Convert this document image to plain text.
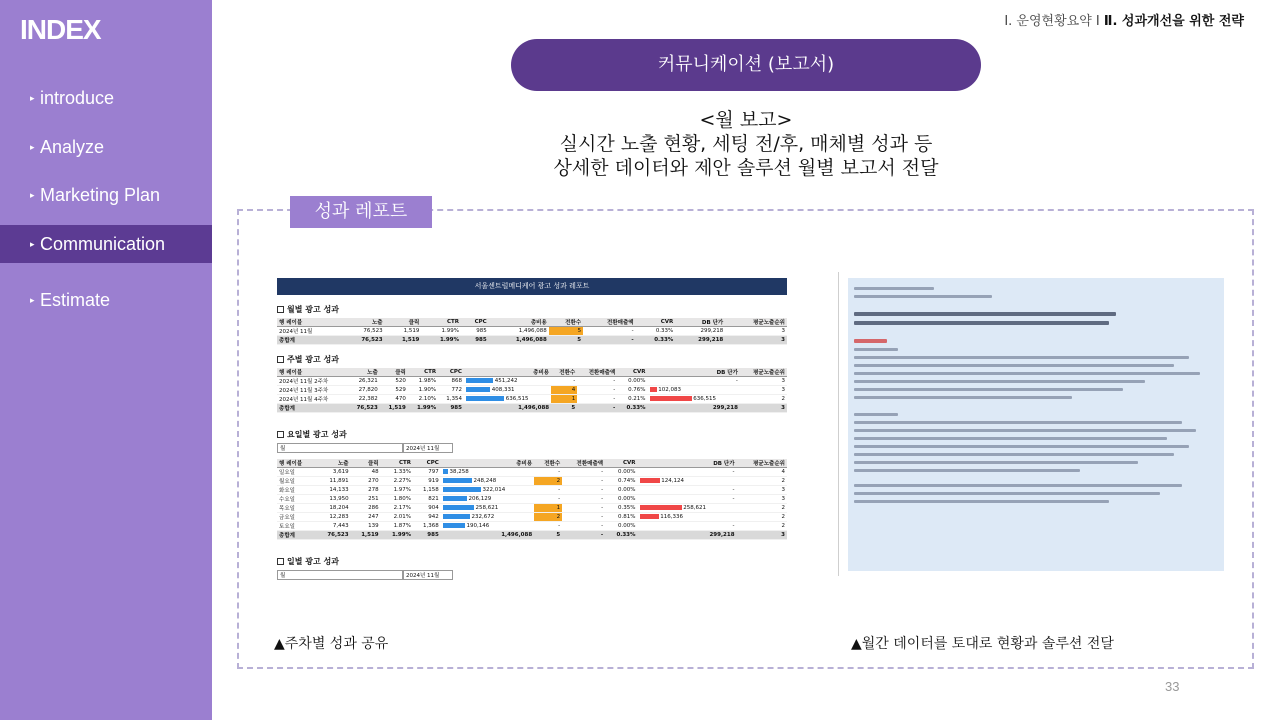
INDEX
▸ introduce
▸ Analyze
▸ Marketing Plan
▸ Communication
▸ Estimate
Ⅰ. 운영현황요약 I Ⅱ. 성과개선을 위한 전략
커뮤니케이션 (보고서)
<월 보고>
실시간 노출 현황, 세팅 전/후, 매체별 성과 등
상세한 데이터와 제안 솔루션 월별 보고서 전달
성과 레포트
서울센트럴메디케어 광고 성과 레포트
월별 광고 성과
행 레이블	노출	클릭	CTR	CPC	총비용	전환수	전환매출액	CVR	DB 단가	평균노출순위
2024년 11월	76,523	1,519	1.99%	985	1,496,088	5	-	0.33%	299,218	3
총합계	76,523	1,519	1.99%	985	1,496,088	5	-	0.33%	299,218	3
주별 광고 성과
행 레이블	노출	클릭	CTR	CPC	총비용	전환수	전환매출액	CVR	DB 단가	평균노출순위
2024년 11월 2주차	26,321	520	1.98%	868	451,242	-	-	0.00%	-	3
2024년 11월 3주차	27,820	529	1.90%	772	408,331	4	-	0.76%	102,083	3
2024년 11월 4주차	22,382	470	2.10%	1,354	636,515	1	-	0.21%	636,515	2
총합계	76,523	1,519	1.99%	985	1,496,088	5	-	0.33%	299,218	3
요일별 광고 성과
월	2024년 11월
행 레이블	노출	클릭	CTR	CPC	총비용	전환수	전환매출액	CVR	DB 단가	평균노출순위
일요일	3,619	48	1.33%	797	38,258	-	-	0.00%	-	4
월요일	11,891	270	2.27%	919	248,248	2	-	0.74%	124,124	2
화요일	14,133	278	1.97%	1,158	322,014	-	-	0.00%	-	3
수요일	13,950	251	1.80%	821	206,129	-	-	0.00%	-	3
목요일	18,204	286	2.17%	904	258,621	1	-	0.35%	258,621	2
금요일	12,283	247	2.01%	942	232,672	2	-	0.81%	116,336	2
토요일	7,443	139	1.87%	1,368	190,146	-	-	0.00%	-	2
총합계	76,523	1,519	1.99%	985	1,496,088	5	-	0.33%	299,218	3
일별 광고 성과
월	2024년 11월
▲주차별 성과 공유	▲월간 데이터를 토대로 현황과 솔루션 전달
33
